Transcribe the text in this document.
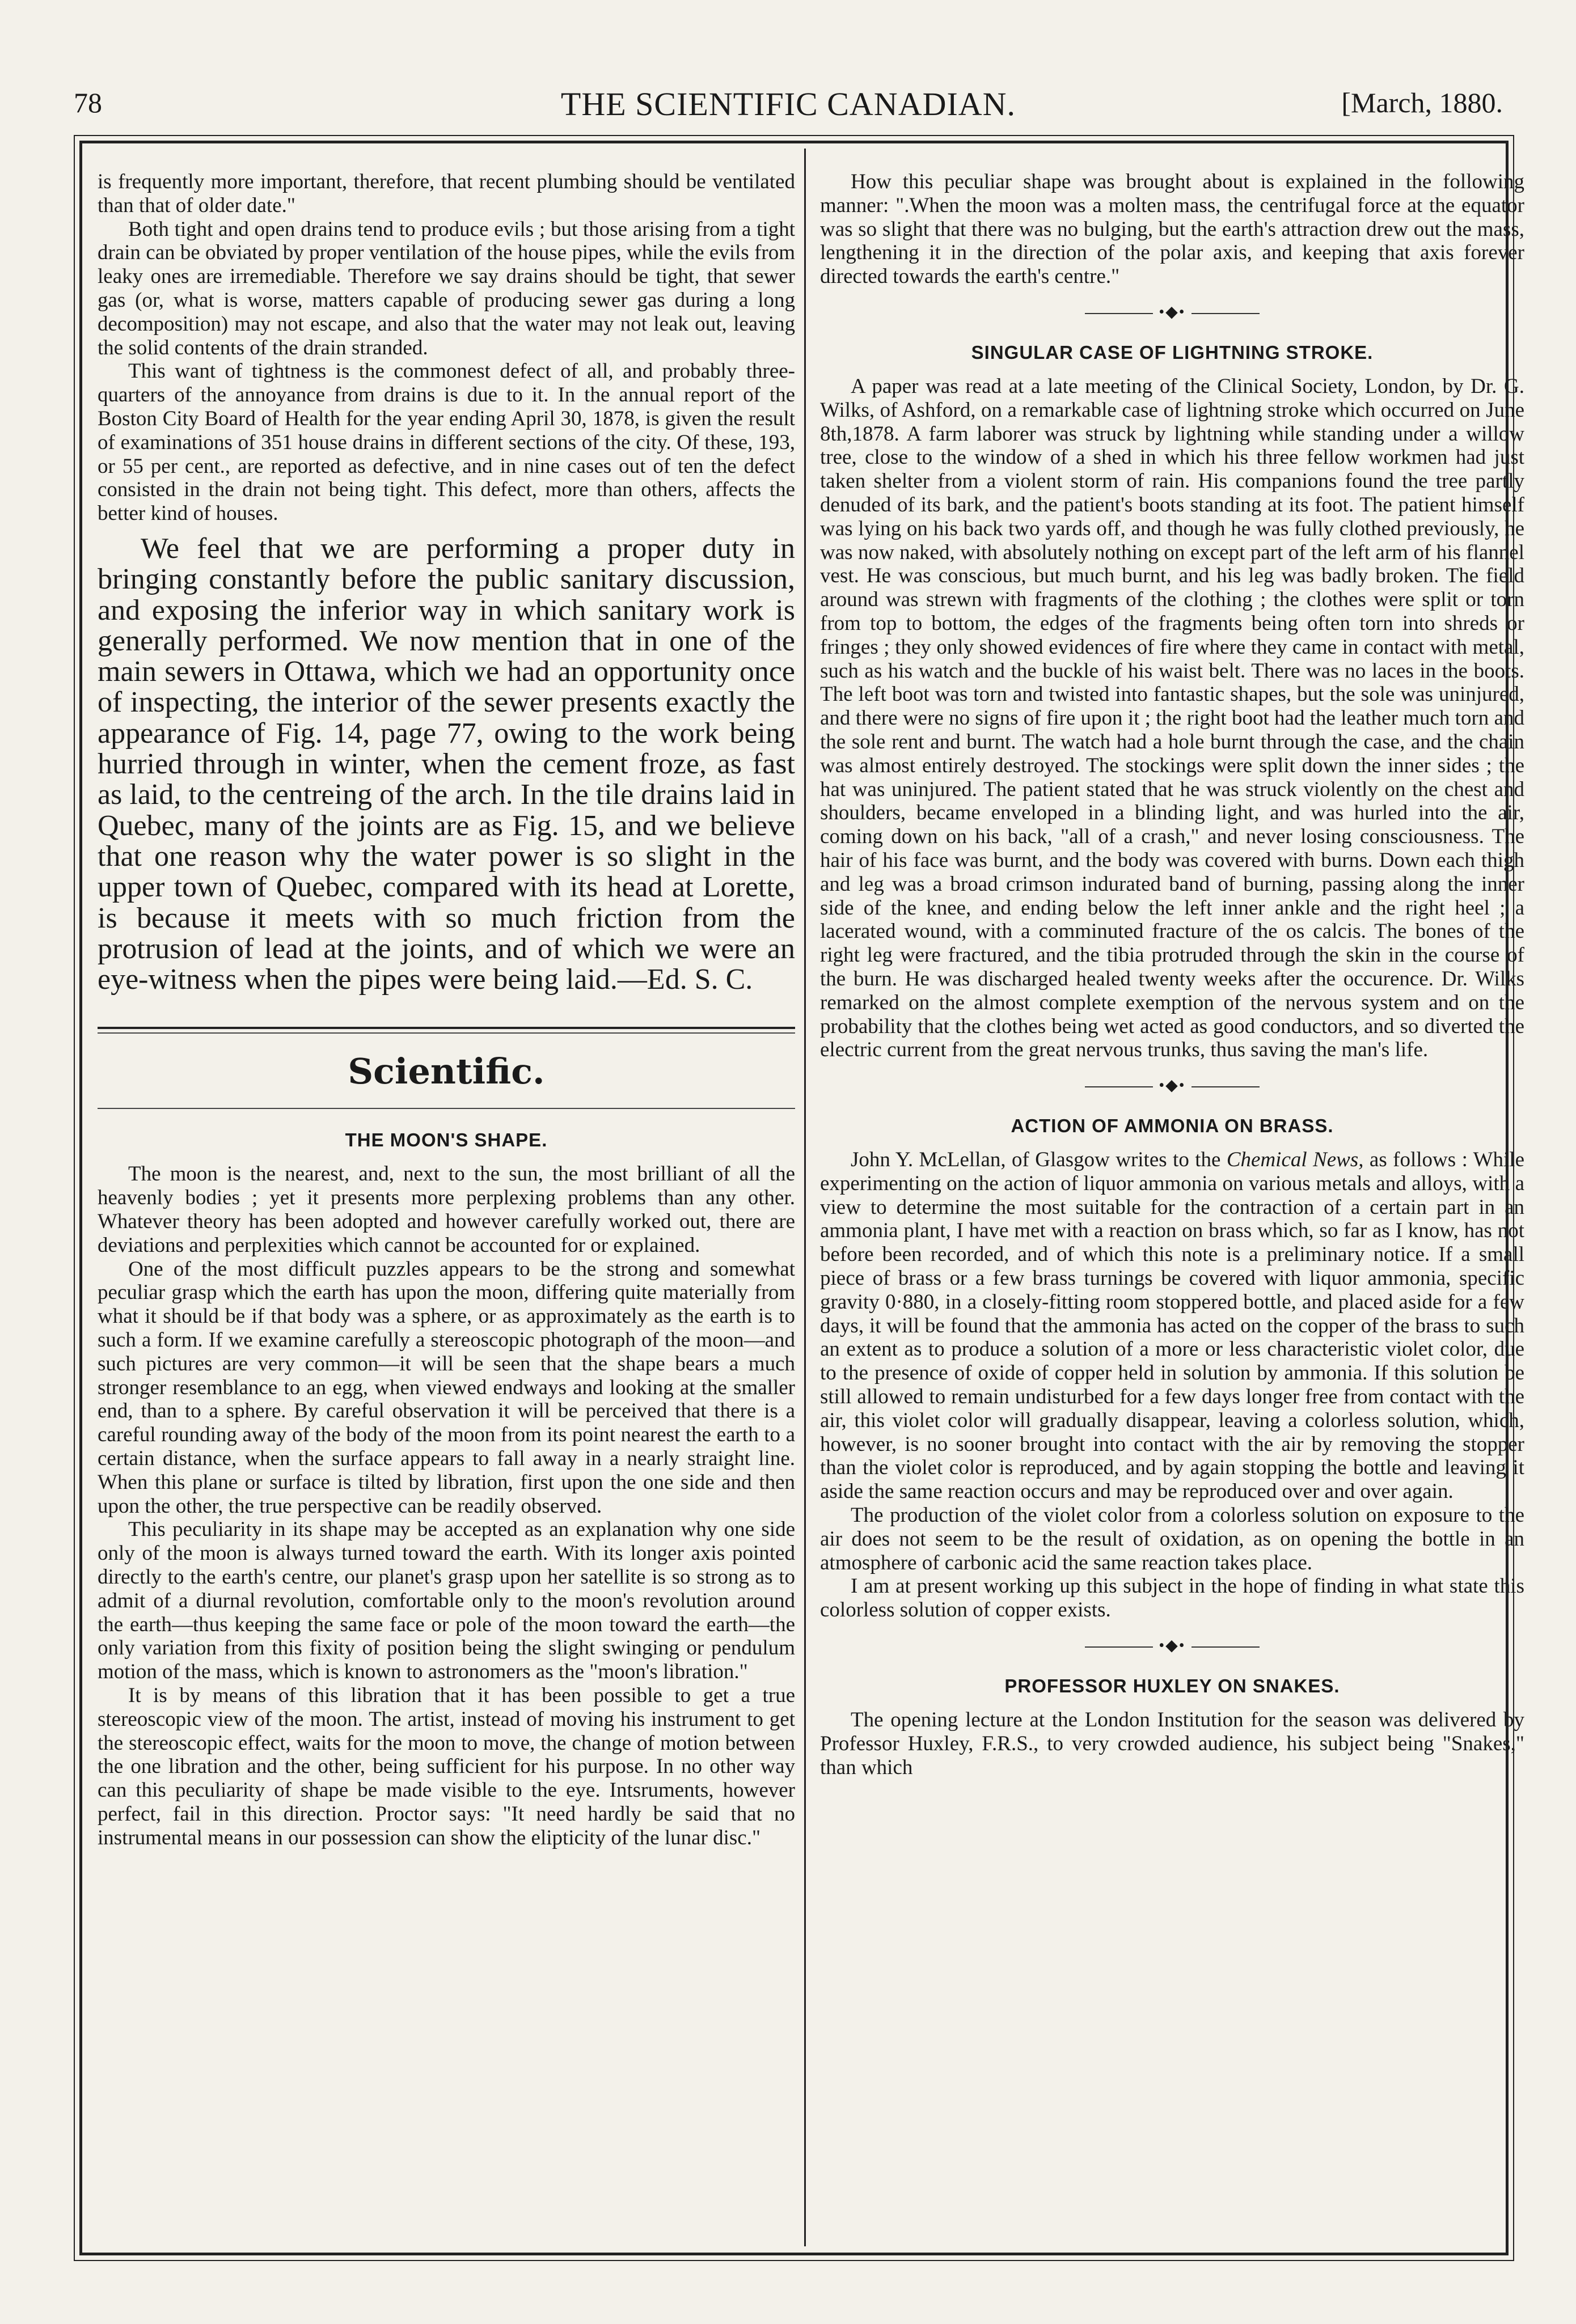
78	THE SCIENTIFIC CANADIAN.	[March, 1880.

is frequently more important, therefore, that recent plumbing should be ventilated than that of older date."

Both tight and open drains tend to produce evils ; but those arising from a tight drain can be obviated by proper ventilation of the house pipes, while the evils from leaky ones are irremediable. Therefore we say drains should be tight, that sewer gas (or, what is worse, matters capable of producing sewer gas during a long decomposition) may not escape, and also that the water may not leak out, leaving the solid contents of the drain stranded.

This want of tightness is the commonest defect of all, and probably three-quarters of the annoyance from drains is due to it. In the annual report of the Boston City Board of Health for the year ending April 30, 1878, is given the result of examinations of 351 house drains in different sections of the city. Of these, 193, or 55 per cent., are reported as defective, and in nine cases out of ten the defect consisted in the drain not being tight. This defect, more than others, affects the better kind of houses.

We feel that we are performing a proper duty in bringing constantly before the public sanitary discussion, and exposing the inferior way in which sanitary work is generally performed. We now mention that in one of the main sewers in Ottawa, which we had an opportunity once of inspecting, the interior of the sewer presents exactly the appearance of Fig. 14, page 77, owing to the work being hurried through in winter, when the cement froze, as fast as laid, to the centreing of the arch. In the tile drains laid in Quebec, many of the joints are as Fig. 15, and we believe that one reason why the water power is so slight in the upper town of Quebec, compared with its head at Lorette, is because it meets with so much friction from the protrusion of lead at the joints, and of which we were an eye-witness when the pipes were being laid.—Ed. S. C.

Scientific.
THE MOON'S SHAPE.

The moon is the nearest, and, next to the sun, the most brilliant of all the heavenly bodies ; yet it presents more perplexing problems than any other. Whatever theory has been adopted and however carefully worked out, there are deviations and perplexities which cannot be accounted for or explained.

One of the most difficult puzzles appears to be the strong and somewhat peculiar grasp which the earth has upon the moon, differing quite materially from what it should be if that body was a sphere, or as approximately as the earth is to such a form. If we examine carefully a stereoscopic photograph of the moon—and such pictures are very common—it will be seen that the shape bears a much stronger resemblance to an egg, when viewed endways and looking at the smaller end, than to a sphere. By careful observation it will be perceived that there is a careful rounding away of the body of the moon from its point nearest the earth to a certain distance, when the surface appears to fall away in a nearly straight line. When this plane or surface is tilted by libration, first upon the one side and then upon the other, the true perspective can be readily observed.

This peculiarity in its shape may be accepted as an explanation why one side only of the moon is always turned toward the earth. With its longer axis pointed directly to the earth's centre, our planet's grasp upon her satellite is so strong as to admit of a diurnal revolution, comfortable only to the moon's revolution around the earth—thus keeping the same face or pole of the moon toward the earth—the only variation from this fixity of position being the slight swinging or pendulum motion of the mass, which is known to astronomers as the "moon's libration."

It is by means of this libration that it has been possible to get a true stereoscopic view of the moon. The artist, instead of moving his instrument to get the stereoscopic effect, waits for the moon to move, the change of motion between the one libration and the other, being sufficient for his purpose. In no other way can this peculiarity of shape be made visible to the eye. Intsruments, however perfect, fail in this direction. Proctor says: "It need hardly be said that no instrumental means in our possession can show the elipticity of the lunar disc."

How this peculiar shape was brought about is explained in the following manner: ".When the moon was a molten mass, the centrifugal force at the equator was so slight that there was no bulging, but the earth's attraction drew out the mass, lengthening it in the direction of the polar axis, and keeping that axis forever directed towards the earth's centre."

•◆•
SINGULAR CASE OF LIGHTNING STROKE.

A paper was read at a late meeting of the Clinical Society, London, by Dr. G. Wilks, of Ashford, on a remarkable case of lightning stroke which occurred on June 8th,1878. A farm laborer was struck by lightning while standing under a willow tree, close to the window of a shed in which his three fellow workmen had just taken shelter from a violent storm of rain. His companions found the tree partly denuded of its bark, and the patient's boots standing at its foot. The patient himself was lying on his back two yards off, and though he was fully clothed previously, he was now naked, with absolutely nothing on except part of the left arm of his flannel vest. He was conscious, but much burnt, and his leg was badly broken. The field around was strewn with fragments of the clothing ; the clothes were split or torn from top to bottom, the edges of the fragments being often torn into shreds or fringes ; they only showed evidences of fire where they came in contact with metal, such as his watch and the buckle of his waist belt. There was no laces in the boots. The left boot was torn and twisted into fantastic shapes, but the sole was uninjured, and there were no signs of fire upon it ; the right boot had the leather much torn and the sole rent and burnt. The watch had a hole burnt through the case, and the chain was almost entirely destroyed. The stockings were split down the inner sides ; the hat was uninjured. The patient stated that he was struck violently on the chest and shoulders, became enveloped in a blinding light, and was hurled into the air, coming down on his back, "all of a crash," and never losing consciousness. The hair of his face was burnt, and the body was covered with burns. Down each thigh and leg was a broad crimson indurated band of burning, passing along the inner side of the knee, and ending below the left inner ankle and the right heel ; a lacerated wound, with a comminuted fracture of the os calcis. The bones of the right leg were fractured, and the tibia protruded through the skin in the course of the burn. He was discharged healed twenty weeks after the occurence. Dr. Wilks remarked on the almost complete exemption of the nervous system and on the probability that the clothes being wet acted as good conductors, and so diverted the electric current from the great nervous trunks, thus saving the man's life.

•◆•
ACTION OF AMMONIA ON BRASS.

John Y. McLellan, of Glasgow writes to the Chemical News, as follows : While experimenting on the action of liquor ammonia on various metals and alloys, with a view to determine the most suitable for the contraction of a certain part in an ammonia plant, I have met with a reaction on brass which, so far as I know, has not before been recorded, and of which this note is a preliminary notice. If a small piece of brass or a few brass turnings be covered with liquor ammonia, specific gravity 0·880, in a closely-fitting room stoppered bottle, and placed aside for a few days, it will be found that the ammonia has acted on the copper of the brass to such an extent as to produce a solution of a more or less characteristic violet color, due to the presence of oxide of copper held in solution by ammonia. If this solution be still allowed to remain undisturbed for a few days longer free from contact with the air, this violet color will gradually disappear, leaving a colorless solution, which, however, is no sooner brought into contact with the air by removing the stopper than the violet color is reproduced, and by again stopping the bottle and leaving it aside the same reaction occurs and may be reproduced over and over again.

The production of the violet color from a colorless solution on exposure to the air does not seem to be the result of oxidation, as on opening the bottle in an atmosphere of carbonic acid the same reaction takes place.

I am at present working up this subject in the hope of finding in what state this colorless solution of copper exists.

•◆•
PROFESSOR HUXLEY ON SNAKES.

The opening lecture at the London Institution for the season was delivered by Professor Huxley, F.R.S., to very crowded audience, his subject being "Snakes," than which
